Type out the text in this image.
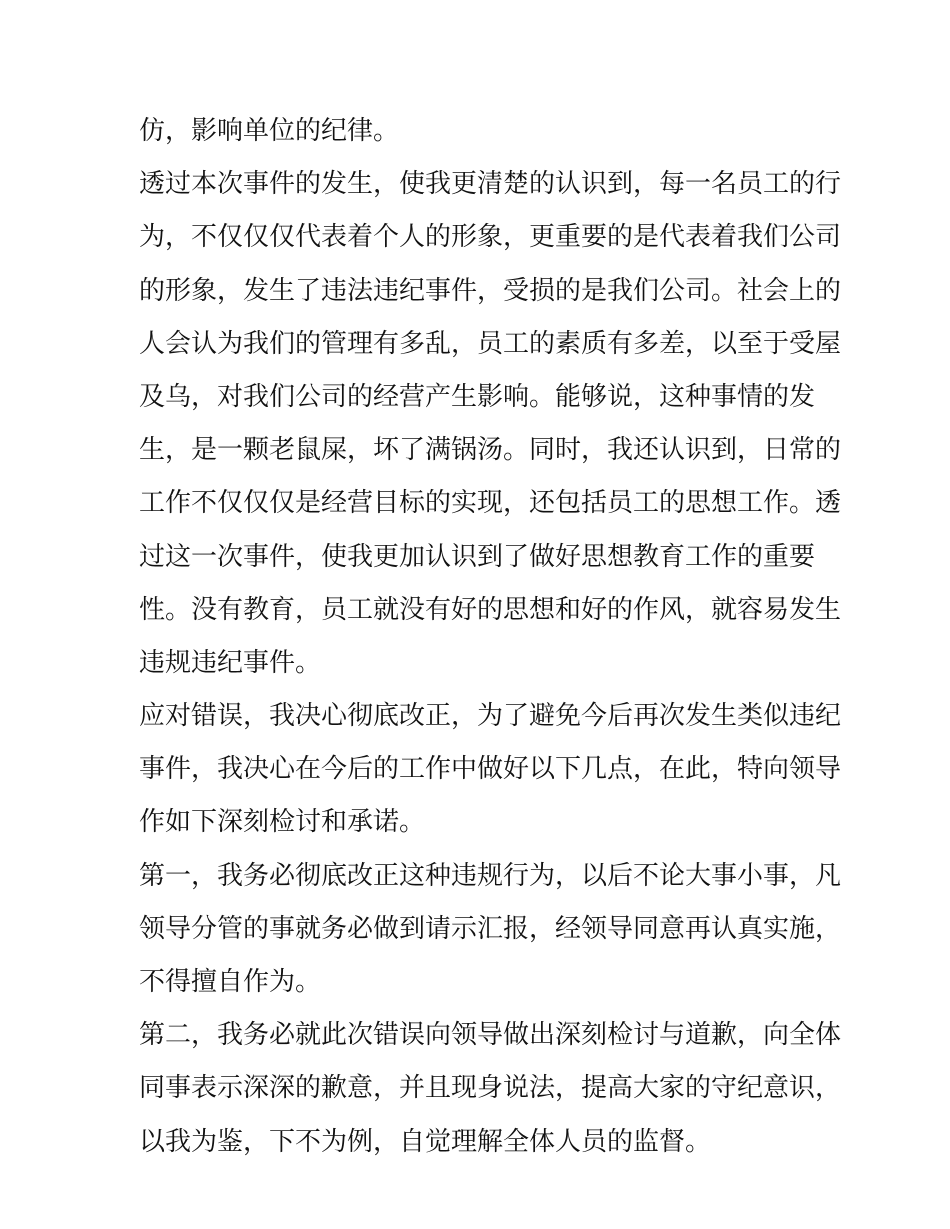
仿，影响单位的纪律。
透过本次事件的发生，使我更清楚的认识到，每一名员工的行
为，不仅仅仅代表着个人的形象，更重要的是代表着我们公司
的形象，发生了违法违纪事件，受损的是我们公司。社会上的
人会认为我们的管理有多乱，员工的素质有多差，以至于受屋
及乌，对我们公司的经营产生影响。能够说，这种事情的发
生，是一颗老鼠屎，坏了满锅汤。同时，我还认识到，日常的
工作不仅仅仅是经营目标的实现，还包括员工的思想工作。透
过这一次事件，使我更加认识到了做好思想教育工作的重要
性。没有教育，员工就没有好的思想和好的作风，就容易发生
违规违纪事件。
应对错误，我决心彻底改正，为了避免今后再次发生类似违纪
事件，我决心在今后的工作中做好以下几点，在此，特向领导
作如下深刻检讨和承诺。
第一，我务必彻底改正这种违规行为，以后不论大事小事，凡
领导分管的事就务必做到请示汇报，经领导同意再认真实施，
不得擅自作为。
第二，我务必就此次错误向领导做出深刻检讨与道歉，向全体
同事表示深深的歉意，并且现身说法，提高大家的守纪意识，
以我为鉴，下不为例，自觉理解全体人员的监督。
